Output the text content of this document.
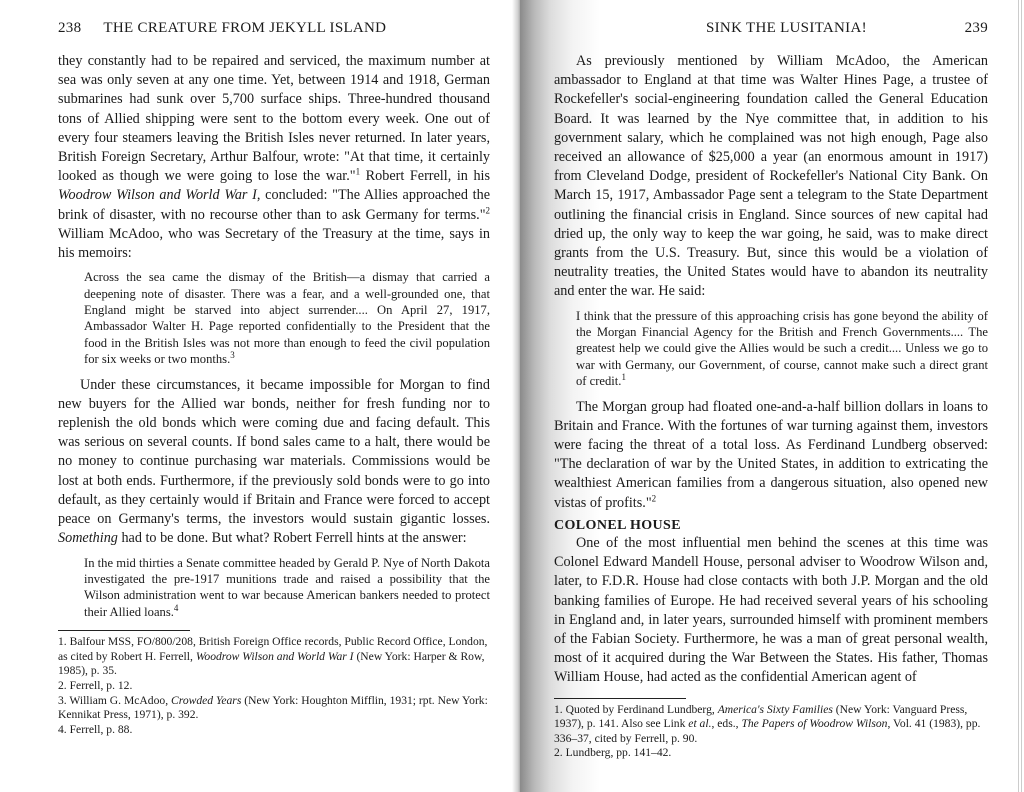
238 THE CREATURE FROM JEKYLL ISLAND

they constantly had to be repaired and serviced, the maximum number at sea was only seven at any one time. Yet, between 1914 and 1918, German submarines had sunk over 5,700 surface ships. Three-hundred thousand tons of Allied shipping were sent to the bottom every week. One out of every four steamers leaving the British Isles never returned. In later years, British Foreign Secretary, Arthur Balfour, wrote: "At that time, it certainly looked as though we were going to lose the war."$^1$ Robert Ferrell, in his Woodrow Wilson and World War I, concluded: "The Allies approached the brink of disaster, with no recourse other than to ask Germany for terms."$^2$ William McAdoo, who was Secretary of the Treasury at the time, says in his memoirs:

Across the sea came the dismay of the British—a dismay that carried a deepening note of disaster. There was a fear, and a well-grounded one, that England might be starved into abject surrender.... On April 27, 1917, Ambassador Walter H. Page reported confidentially to the President that the food in the British Isles was not more than enough to feed the civil population for six weeks or two months.$^3$

Under these circumstances, it became impossible for Morgan to find new buyers for the Allied war bonds, neither for fresh funding nor to replenish the old bonds which were coming due and facing default. This was serious on several counts. If bond sales came to a halt, there would be no money to continue purchasing war materials. Commissions would be lost at both ends. Furthermore, if the previously sold bonds were to go into default, as they certainly would if Britain and France were forced to accept peace on Germany's terms, the investors would sustain gigantic losses. Something had to be done. But what? Robert Ferrell hints at the answer:

In the mid thirties a Senate committee headed by Gerald P. Nye of North Dakota investigated the pre-1917 munitions trade and raised a possibility that the Wilson administration went to war because American bankers needed to protect their Allied loans.$^4$

1. Balfour MSS, FO/800/208, British Foreign Office records, Public Record Office, London, as cited by Robert H. Ferrell, Woodrow Wilson and World War I (New York: Harper & Row, 1985), p. 35.

2. Ferrell, p. 12.

3. William G. McAdoo, Crowded Years (New York: Houghton Mifflin, 1931; rpt. New York: Kennikat Press, 1971), p. 392.

4. Ferrell, p. 88.

SINK THE LUSITANIA!	239

As previously mentioned by William McAdoo, the American ambassador to England at that time was Walter Hines Page, a trustee of Rockefeller's social-engineering foundation called the General Education Board. It was learned by the Nye committee that, in addition to his government salary, which he complained was not high enough, Page also received an allowance of $25,000 a year (an enormous amount in 1917) from Cleveland Dodge, president of Rockefeller's National City Bank. On March 15, 1917, Ambassador Page sent a telegram to the State Department outlining the financial crisis in England. Since sources of new capital had dried up, the only way to keep the war going, he said, was to make direct grants from the U.S. Treasury. But, since this would be a violation of neutrality treaties, the United States would have to abandon its neutrality and enter the war. He said:

I think that the pressure of this approaching crisis has gone beyond the ability of the Morgan Financial Agency for the British and French Governments.... The greatest help we could give the Allies would be such a credit.... Unless we go to war with Germany, our Government, of course, cannot make such a direct grant of credit.$^1$

The Morgan group had floated one-and-a-half billion dollars in loans to Britain and France. With the fortunes of war turning against them, investors were facing the threat of a total loss. As Ferdinand Lundberg observed: "The declaration of war by the United States, in addition to extricating the wealthiest American families from a dangerous situation, also opened new vistas of profits."$^2$

COLONEL HOUSE

One of the most influential men behind the scenes at this time was Colonel Edward Mandell House, personal adviser to Woodrow Wilson and, later, to F.D.R. House had close contacts with both J.P. Morgan and the old banking families of Europe. He had received several years of his schooling in England and, in later years, surrounded himself with prominent members of the Fabian Society. Furthermore, he was a man of great personal wealth, most of it acquired during the War Between the States. His father, Thomas William House, had acted as the confidential American agent of

1. Quoted by Ferdinand Lundberg, America's Sixty Families (New York: Vanguard Press, 1937), p. 141. Also see Link et al., eds., The Papers of Woodrow Wilson, Vol. 41 (1983), pp. 336–37, cited by Ferrell, p. 90.

2. Lundberg, pp. 141–42.
